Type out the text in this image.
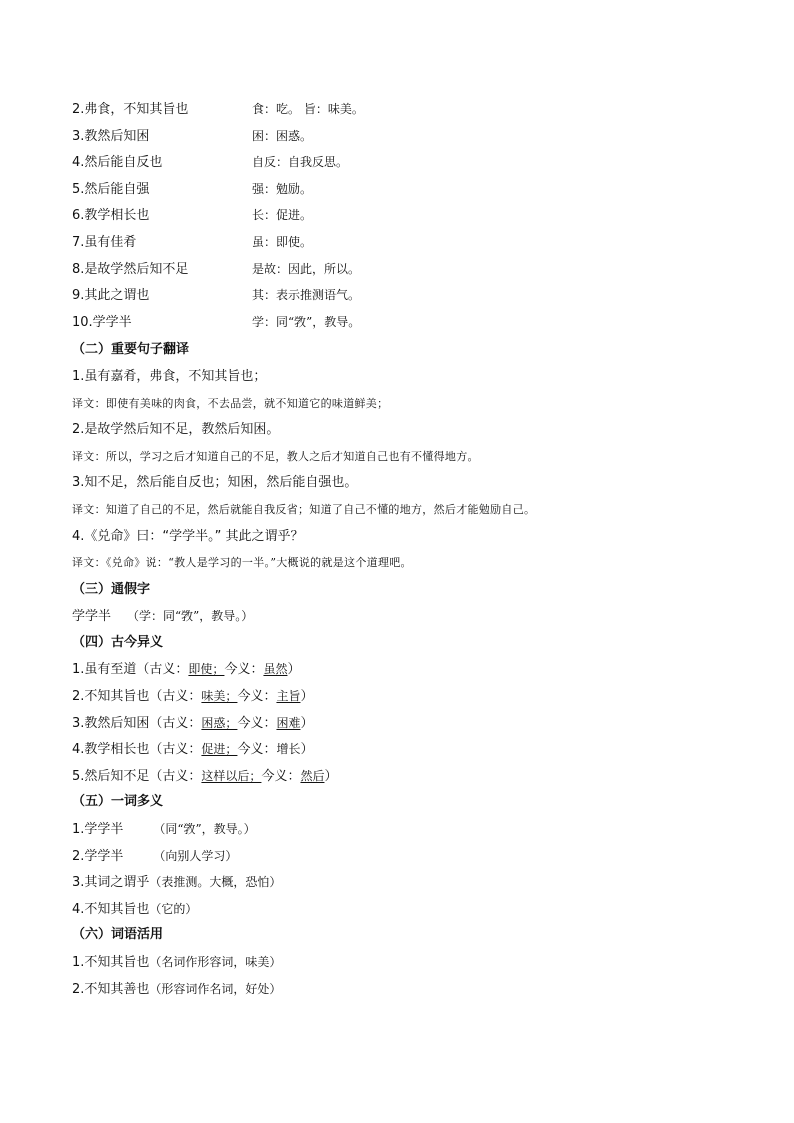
2.弗食，不知其旨也	食：吃。 旨：味美。
3.教然后知困	困：困惑。
4.然后能自反也	自反：自我反思。
5.然后能自强	强：勉励。
6.教学相长也	长：促进。
7.虽有佳肴	虽：即使。
8.是故学然后知不足	是故：因此，所以。
9.其此之谓也	其：表示推测语气。
10.学学半	学：同“敩”，教导。
（二）重要句子翻译
1.虽有嘉肴，弗食，不知其旨也；
译文：即使有美味的肉食，不去品尝，就不知道它的味道鲜美；
2.是故学然后知不足，教然后知困。
译文：所以，学习之后才知道自己的不足，教人之后才知道自己也有不懂得地方。
3.知不足，然后能自反也；知困，然后能自强也。
译文：知道了自己的不足，然后就能自我反省；知道了自己不懂的地方，然后才能勉励自己。
4.《兑命》曰：“学学半。” 其此之谓乎？
译文：《兑命》说：“教人是学习的一半。”大概说的就是这个道理吧。
（三）通假字
学学半 （学：同“敩”，教导。）
（四）古今异义
1.虽有至道（古义：即使；今义：虽然）
2.不知其旨也（古义：味美；今义：主旨）
3.教然后知困（古义：困惑；今义：困难）
4.教学相长也（古义：促进；今义：增长）
5.然后知不足（古义：这样以后；今义：然后）
（五）一词多义
1.学学半	（同“敩”，教导。）
2.学学半	（向别人学习）
3.其词之谓乎（表推测。大概，恐怕）
4.不知其旨也（它的）
（六）词语活用
1.不知其旨也（名词作形容词，味美）
2.不知其善也（形容词作名词，好处）
